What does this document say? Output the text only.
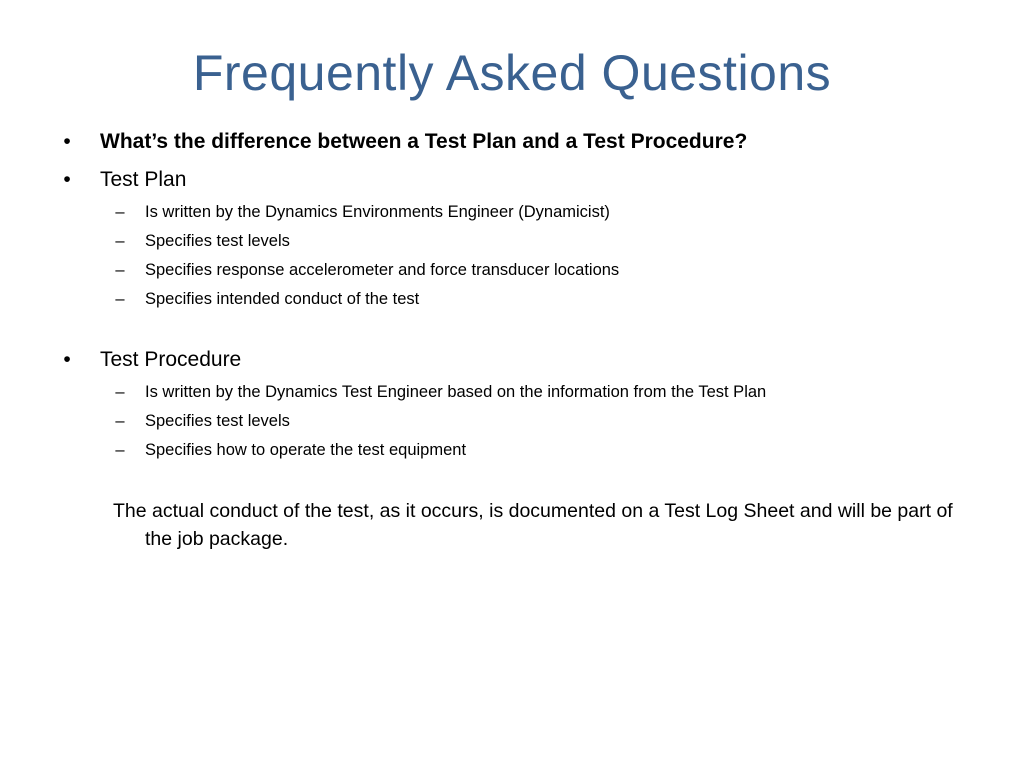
Frequently Asked Questions
• What’s the difference between a Test Plan and a Test Procedure?
• Test Plan
– Is written by the Dynamics Environments Engineer (Dynamicist)
– Specifies test levels
– Specifies response accelerometer and force transducer locations
– Specifies intended conduct of the test
• Test Procedure
– Is written by the Dynamics Test Engineer based on the information from the Test Plan
– Specifies test levels
– Specifies how to operate the test equipment
The actual conduct of the test, as it occurs, is documented on a Test Log Sheet and will be part of the job package.
